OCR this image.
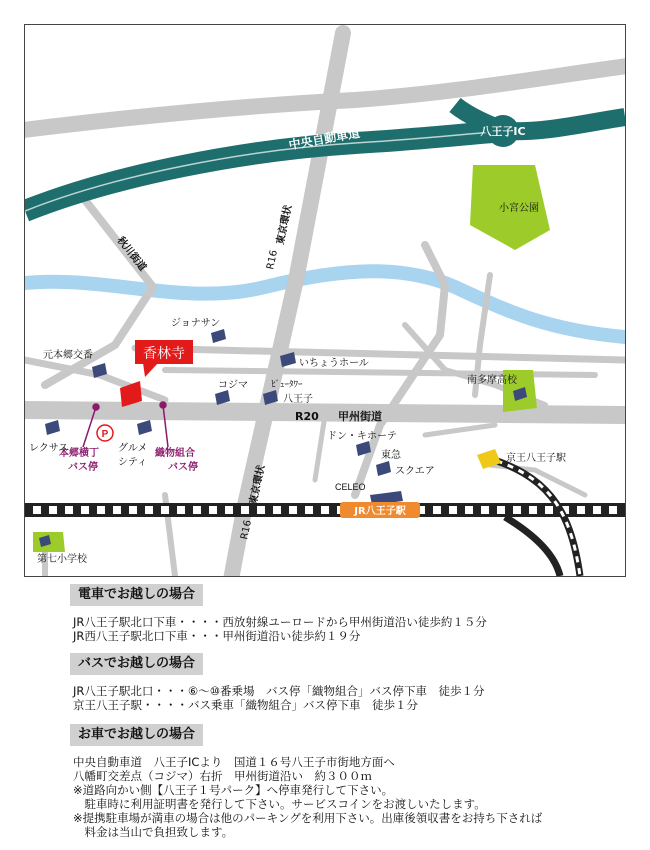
P
中央自動車道	八王子IC
小宮公園
秋川街道	R16
東京環状
ジョナサン
元本郷交番	香林寺
いちょうホール
コジマ	ﾋﾞｭｰﾀﾜｰ
八王子
南多摩高校
R20 甲州街道
レクサス	グルメ
シティ
ドン・キホーテ
東急
スクエア
京王八王子駅
本郷横丁
バス停
織物組合
バス停
CELEO
R16
東京環状
JR八王子駅
第七小学校
電車でお越しの場合
JR八王子駅北口下車・・・・西放射線ユーロードから甲州街道沿い徒歩約１５分
JR西八王子駅北口下車・・・甲州街道沿い徒歩約１９分
バスでお越しの場合
JR八王子駅北口・・・⑥～⑩番乗場　バス停「織物組合」バス停下車　徒歩１分
京王八王子駅・・・・バス乗車「織物組合」バス停下車　徒歩１分
お車でお越しの場合
中央自動車道　八王子ICより　国道１６号八王子市街地方面へ
八幡町交差点（コジマ）右折　甲州街道沿い　約３００ｍ
※道路向かい側【八王子１号パーク】へ停車発行して下さい。
　駐車時に利用証明書を発行して下さい。サービスコインをお渡しいたします。
※提携駐車場が満車の場合は他のパーキングを利用下さい。出庫後領収書をお持ち下されば
　料金は当山で負担致します。
